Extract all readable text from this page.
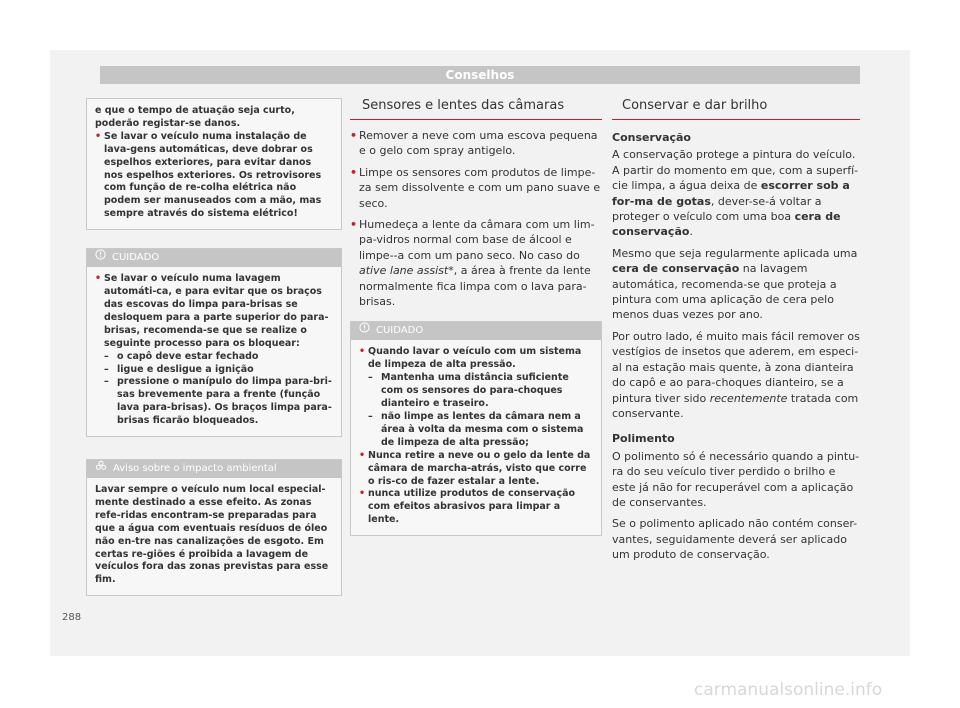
Conselhos

e que o tempo de atuação seja curto, poderão registar-se danos.

• Se lavar o veículo numa instalação de lava-gens automáticas, deve dobrar os espelhos exteriores, para evitar danos nos espelhos exteriores. Os retrovisores com função de re-colha elétrica não podem ser manuseados com a mão, mas sempre através do sistema elétrico!

CUIDADO

• Se lavar o veículo numa lavagem automáti-ca, e para evitar que os braços das escovas do limpa para-brisas se desloquem para a parte superior do para-brisas, recomenda-se que se realize o seguinte processo para os bloquear:

– o capô deve estar fechado

– ligue e desligue a ignição

– pressione o manípulo do limpa para-bri-sas brevemente para a frente (função lava para-brisas). Os braços limpa para-brisas ficarão bloqueados.

Aviso sobre o impacto ambiental

Lavar sempre o veículo num local especial-mente destinado a esse efeito. As zonas refe-ridas encontram-se preparadas para que a água com eventuais resíduos de óleo não en-tre nas canalizações de esgoto. Em certas re-giões é proibida a lavagem de veículos fora das zonas previstas para esse fim.

Sensores e lentes das câmaras

• Remover a neve com uma escova pequena e o gelo com spray antigelo.

• Limpe os sensores com produtos de limpe-za sem dissolvente e com um pano suave e seco.

• Humedeça a lente da câmara com um lim-pa-vidros normal com base de álcool e limpe--a com um pano seco. No caso do ative lane assist*, a área à frente da lente normalmente fica limpa com o lava para-brisas.

CUIDADO

• Quando lavar o veículo com um sistema de limpeza de alta pressão.

– Mantenha uma distância suficiente com os sensores do para-choques dianteiro e traseiro.

– não limpe as lentes da câmara nem a área à volta da mesma com o sistema de limpeza de alta pressão;

• Nunca retire a neve ou o gelo da lente da câmara de marcha-atrás, visto que corre o ris-co de fazer estalar a lente.

• nunca utilize produtos de conservação com efeitos abrasivos para limpar a lente.

Conservar e dar brilho

Conservação

A conservação protege a pintura do veículo. A partir do momento em que, com a superfí-cie limpa, a água deixa de escorrer sob a for-ma de gotas, dever-se-á voltar a proteger o veículo com uma boa cera de conservação.

Mesmo que seja regularmente aplicada uma cera de conservação na lavagem automática, recomenda-se que proteja a pintura com uma aplicação de cera pelo menos duas vezes por ano.

Por outro lado, é muito mais fácil remover os vestígios de insetos que aderem, em especi-al na estação mais quente, à zona dianteira do capô e ao para-choques dianteiro, se a pintura tiver sido recentemente tratada com conservante.

Polimento

O polimento só é necessário quando a pintu-ra do seu veículo tiver perdido o brilho e este já não for recuperável com a aplicação de conservantes.

Se o polimento aplicado não contém conser-vantes, seguidamente deverá ser aplicado um produto de conservação.

288
carmanualsonline.info
